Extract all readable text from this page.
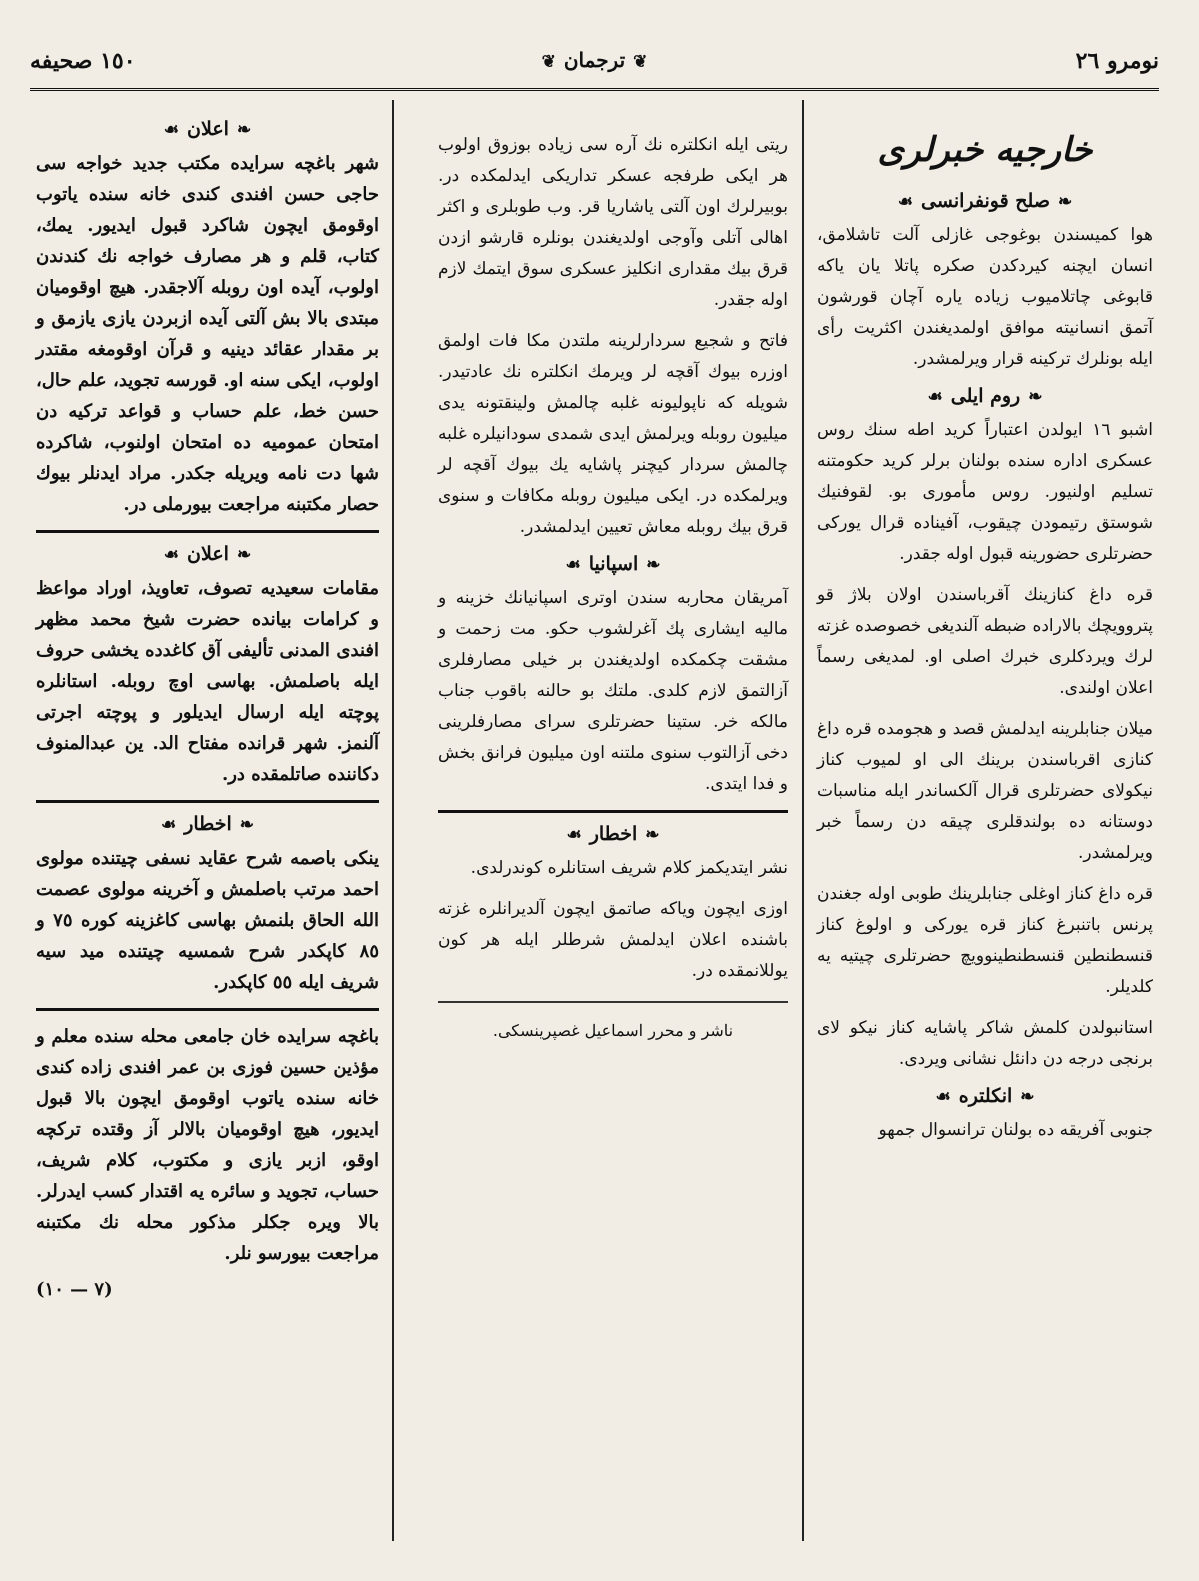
نومرو ٢٦
❦ترجمان❦
١٥٠ صحيفه
خارجيه خبرلرى
❧صلح قونفرانسى☙

هوا كميسندن بوغوجى غازلى آلت تاشلامق، انسان ايچنه كيردكدن صكره پاتلا يان ياكه قابوغى چاتلاميوب زياده ياره آچان قورشون آتمق انسانيته موافق اولمديغندن اكثريت رأى ايله بونلرك تركينه قرار ويرلمشدر.

❧روم ايلى☙

اشبو ١٦ ايولدن اعتباراً كريد اطه سنك روس عسكرى اداره سنده بولنان برلر كريد حكومتنه تسليم اولنيور. روس مأمورى بو. لقوفنيك شوستق رتيمودن چيقوب، آفيناده قرال يوركى حضرتلرى حضورينه قبول اوله جقدر.

قره داغ كنازينك آقرباسندن اولان بلاژ قو پتروويچك بالاراده ضبطه آلنديغى خصوصده غزته لرك ويردكلرى خبرك اصلى او. لمديغى رسماً اعلان اولندى.

ميلان جنابلرينه ايدلمش قصد و هجومده قره داغ كنازى اقرباسندن برينك الى او لميوب كناز نيكولاى حضرتلرى قرال آلكساندر ايله مناسبات دوستانه ده بولندقلرى چيقه دن رسماً خبر ويرلمشدر.

قره داغ كناز اوغلى جنابلرينك طوبى اوله جغندن پرنس باتنبرغ كناز قره يوركى و اولوغ كناز قنسطنطين قنسطنطينوويچ حضرتلرى چيتيه يه كلديلر.

استانبولدن كلمش شاكر پاشايه كناز نيكو لاى برنجى درجه دن دانئل نشانى ويردى.

❧انكلتره☙

جنوبى آفريقه ده بولنان ترانسوال جمهو

ريتى ايله انكلتره نك آره سى زياده بوزوق اولوب هر ايكى طرفجه عسكر تداريكى ايدلمكده در. بوبيرلرك اون آلتى ياشاريا قر. وب طوبلرى و اكثر اهالى آتلى وآوجى اولديغندن بونلره قارشو ازدن قرق بيك مقدارى انكليز عسكرى سوق ايتمك لازم اوله جقدر.

فاتح و شجيع سردارلرينه ملتدن مكا فات اولمق اوزره بيوك آقچه لر ويرمك انكلتره نك عادتيدر. شويله كه ناپوليونه غلبه چالمش ولينقتونه يدى ميليون روبله ويرلمش ايدى شمدى سودانيلره غلبه چالمش سردار كيچنر پاشايه يك بيوك آقچه لر ويرلمكده در. ايكى ميليون روبله مكافات و سنوى قرق بيك روبله معاش تعيين ايدلمشدر.

❧اسپانيا☙

آمريقان محاربه سندن اوترى اسپانيانك خزينه و ماليه ايشارى پك آغرلشوب حكو. مت زحمت و مشقت چكمكده اولديغندن بر خيلى مصارفلرى آزالتمق لازم كلدى. ملتك بو حالنه باقوب جناب مالكه خر. ستينا حضرتلرى سراى مصارفلرينى دخى آزالتوب سنوى ملتنه اون ميليون فرانق بخش و فدا ايتدى.

❧اخطار☙

نشر ايتديكمز كلام شريف استانلره كوندرلدى.

اوزى ايچون وياكه صاتمق ايچون آلديرانلره غزته باشنده اعلان ايدلمش شرطلر ايله هر كون يوللانمقده در.

ناشر و محرر اسماعيل غصپرينسكى.
❧اعلان☙

شهر باغچه سرايده مكتب جديد خواجه سى حاجى حسن افندى كندى خانه سنده ياتوب اوقومق ايچون شاكرد قبول ايديور. يمك، كتاب، قلم و هر مصارف خواجه نك كندندن اولوب، آيده اون روبله آلاجقدر. هيچ اوقوميان مبتدى بالا بش آلتى آيده ازبردن يازى يازمق و بر مقدار عقائد دينيه و قرآن اوقومغه مقتدر اولوب، ايكى سنه او. قورسه تجويد، علم حال، حسن خط، علم حساب و قواعد تركيه دن امتحان عموميه ده امتحان اولنوب، شاكرده شها دت نامه ويريله جكدر. مراد ايدنلر بيوك حصار مكتبنه مراجعت بيورملى در.

❧اعلان☙

مقامات سعيديه تصوف، تعاويذ، اوراد مواعظ و كرامات بيانده حضرت شيخ محمد مظهر افندى المدنى تأليفى آق كاغدده يخشى حروف ايله باصلمش. بهاسى اوچ روبله. استانلره پوچته ايله ارسال ايديلور و پوچته اجرتى آلنمز. شهر قرانده مفتاح الد. ين عبدالمنوف دكاننده صاتلمقده در.

❧اخطار☙

ينكى باصمه شرح عقايد نسفى چيتنده مولوى احمد مرتب باصلمش و آخرينه مولوى عصمت الله الحاق بلنمش بهاسى كاغزينه كوره ٧٥ و ٨٥ كاپكدر شرح شمسيه چيتنده ميد سيه شريف ايله ٥٥ كاپكدر.

باغچه سرايده خان جامعى محله سنده معلم و مؤذين حسين فوزى بن عمر افندى زاده كندى خانه سنده ياتوب اوقومق ايچون بالا قبول ايديور، هيچ اوقوميان بالالر آز وقتده تركچه اوقو، ازبر يازى و مكتوب، كلام شريف، حساب، تجويد و سائره يه اقتدار كسب ايدرلر. بالا ويره جكلر مذكور محله نك مكتبنه مراجعت بيورسو نلر.

(٧ — ١٠)
